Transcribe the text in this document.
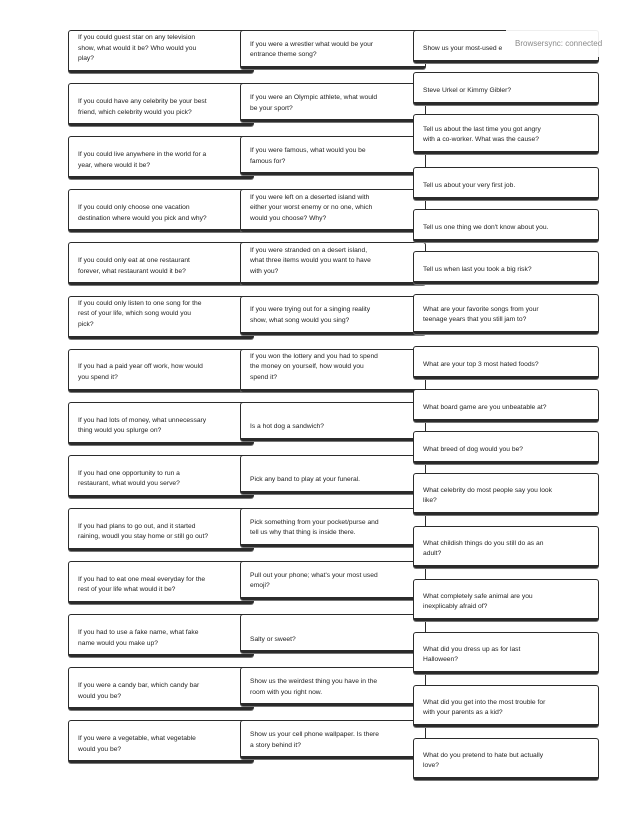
If you could guest star on any television
show, what would it be? Who would you
play?

If you could have any celebrity be your best
friend, which celebrity would you pick?

If you could live anywhere in the world for a
year, where would it be?

If you could only choose one vacation
destination where would you pick and why?

If you could only eat at one restaurant
forever, what restaurant would it be?

If you could only listen to one song for the
rest of your life, which song would you
pick?

If you had a paid year off work, how would
you spend it?

If you had lots of money, what unnecessary
thing would you splurge on?

If you had one opportunity to run a
restaurant, what would you serve?

If you had plans to go out, and it started
raining, woudl you stay home or still go out?

If you had to eat one meal everyday for the
rest of your life what would it be?

If you had to use a fake name, what fake
name would you make up?

If you were a candy bar, which candy bar
would you be?

If you were a vegetable, what vegetable
would you be?

If you were a wrestler what would be your
entrance theme song?

If you were an Olympic athlete, what would
be your sport?

If you were famous, what would you be
famous for?

If you were left on a deserted island with
either your worst enemy or no one, which
would you choose? Why?

If you were stranded on a desert island,
what three items would you want to have
with you?

If you were trying out for a singing reality
show, what song would you sing?

If you won the lottery and you had to spend
the money on yourself, how would you
spend it?

Is a hot dog a sandwich?

Pick any band to play at your funeral.

Pick something from your pocket/purse and
tell us why that thing is inside there.

Pull out your phone; what's your most used
emoji?

Salty or sweet?

Show us the weirdest thing you have in the
room with you right now.

Show us your cell phone wallpaper. Is there
a story behind it?

Show us your most-used e

Steve Urkel or Kimmy Gibler?

Tell us about the last time you got angry
with a co-worker. What was the cause?

Tell us about your very first job.

Tell us one thing we don't know about you.

Tell us when last you took a big risk?

What are your favorite songs from your
teenage years that you still jam to?

What are your top 3 most hated foods?

What board game are you unbeatable at?

What breed of dog would you be?

What celebrity do most people say you look
like?

What childish things do you still do as an
adult?

What completely safe animal are you
inexplicably afraid of?

What did you dress up as for last
Halloween?

What did you get into the most trouble for
with your parents as a kid?

What do you pretend to hate but actually
love?

Browsersync: connected
